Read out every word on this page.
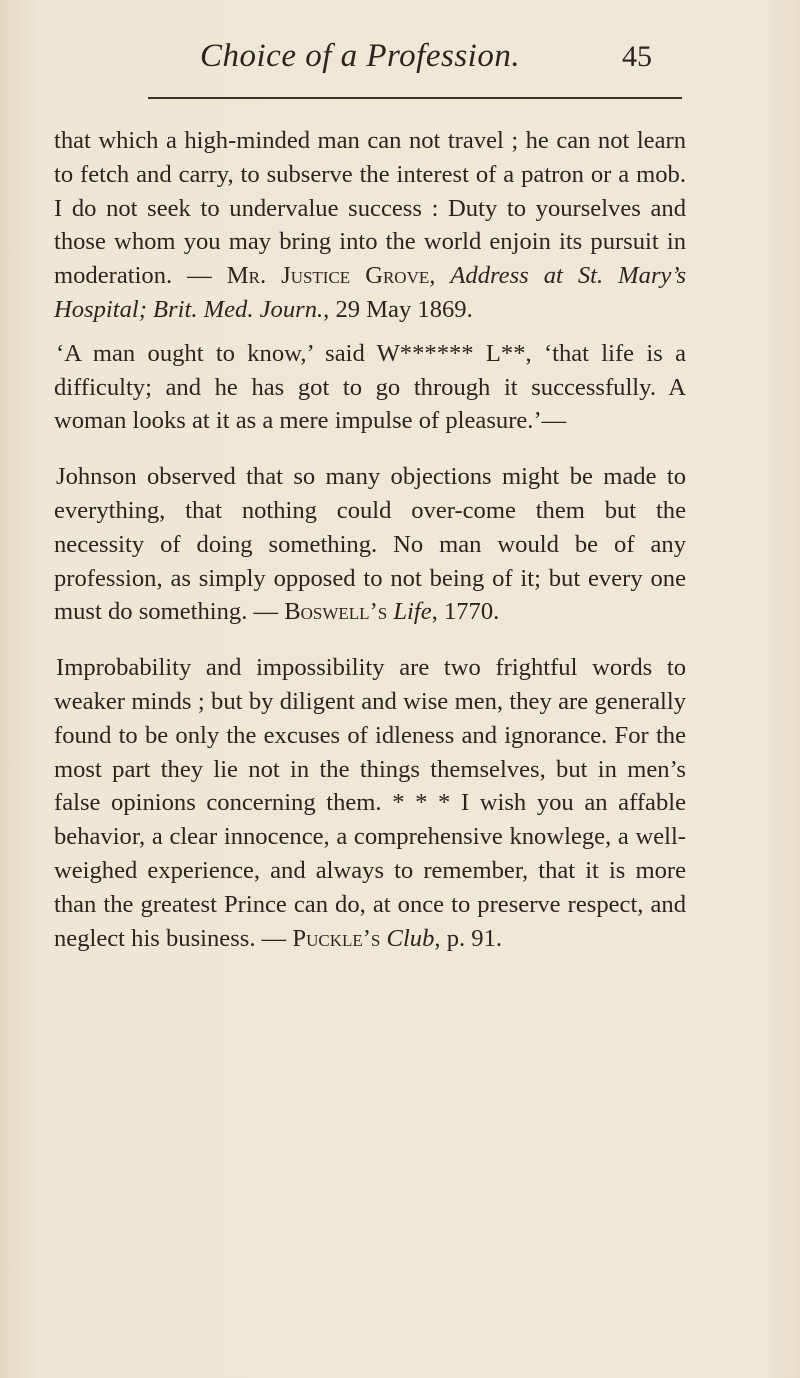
Choice of a Profession.	45

that which a high-minded man can not travel ; he can not learn to fetch and carry, to subserve the interest of a patron or a mob. I do not seek to undervalue success : Duty to yourselves and those whom you may bring into the world enjoin its pursuit in moderation. — Mr. Justice Grove, Address at St. Mary’s Hospital; Brit. Med. Journ., 29 May 1869.

‘A man ought to know,’ said W****** L**, ‘that life is a difficulty; and he has got to go through it successfully. A woman looks at it as a mere impulse of pleasure.’—

Johnson observed that so many objections might be made to everything, that nothing could over-come them but the necessity of doing something. No man would be of any profession, as simply opposed to not being of it; but every one must do something. — Boswell’s Life, 1770.

Improbability and impossibility are two frightful words to weaker minds ; but by diligent and wise men, they are generally found to be only the excuses of idleness and ignorance. For the most part they lie not in the things themselves, but in men’s false opinions concerning them. * * * I wish you an affable behavior, a clear innocence, a comprehensive knowlege, a well-weighed experience, and always to remember, that it is more than the greatest Prince can do, at once to preserve respect, and neglect his business. — Puckle’s Club, p. 91.
